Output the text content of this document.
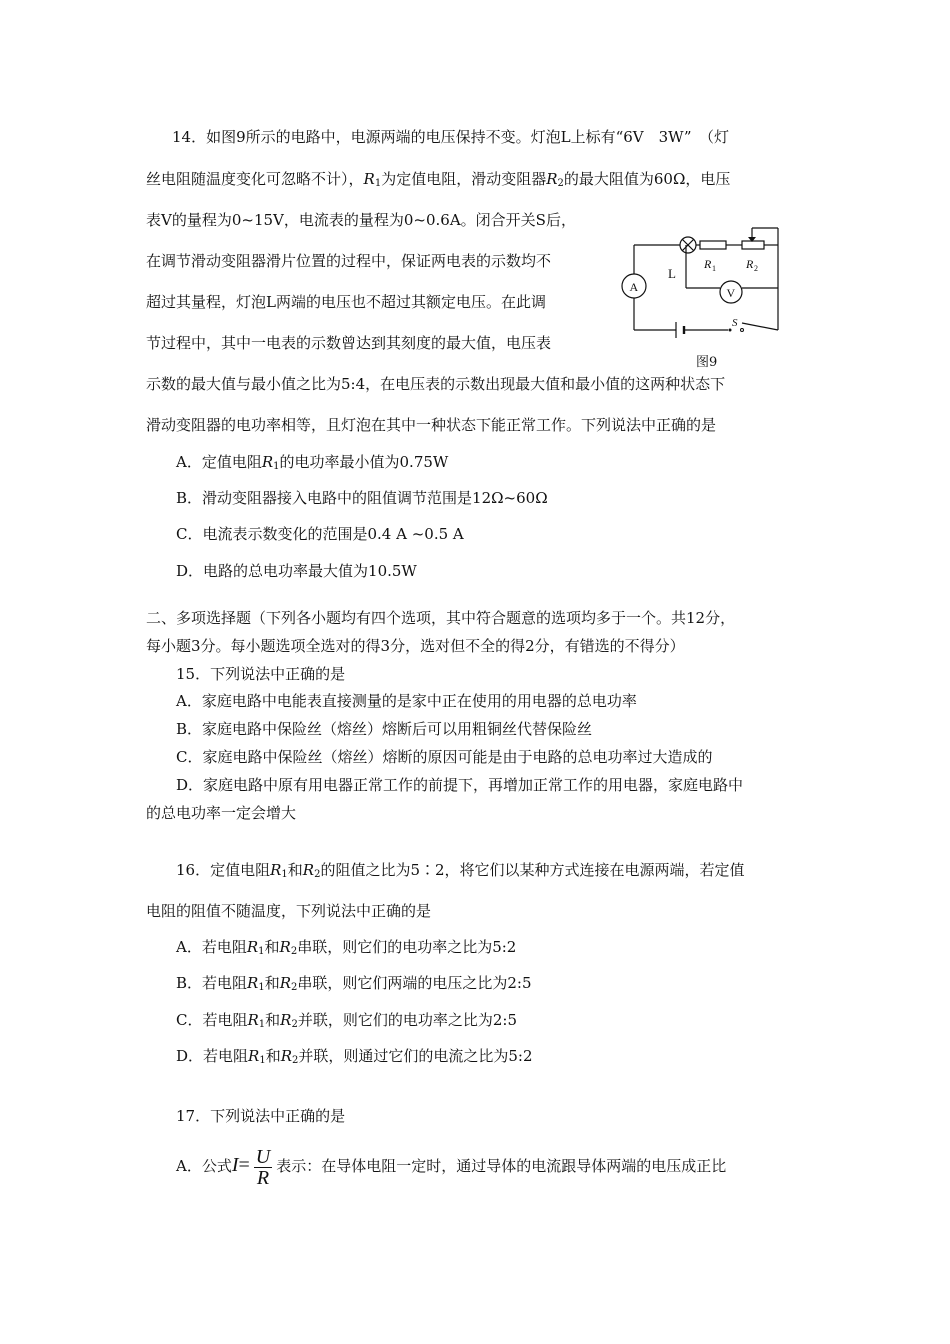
14．如图9所示的电路中，电源两端的电压保持不变。灯泡L上标有“6V　3W”　（灯
丝电阻随温度变化可忽略不计），$R_1$为定值电阻，滑动变阻器$R_2$的最大阻值为60Ω，电压
表V的量程为0~15V，电流表的量程为0~0.6A。闭合开关S后，
在调节滑动变阻器滑片位置的过程中，保证两电表的示数均不
超过其量程，灯泡L两端的电压也不超过其额定电压。在此调
节过程中，其中一电表的示数曾达到其刻度的最大值，电压表
示数的最大值与最小值之比为5:4，在电压表的示数出现最大值和最小值的这两种状态下
滑动变阻器的电功率相等，且灯泡在其中一种状态下能正常工作。下列说法中正确的是
A．定值电阻$R_1$的电功率最小值为0.75W
B．滑动变阻器接入电路中的阻值调节范围是12Ω~60Ω
C．电流表示数变化的范围是0.4 A ~0.5 A
D．电路的总电功率最大值为10.5W
L
A	V
R 1	R 2
S
图9
二、多项选择题（下列各小题均有四个选项，其中符合题意的选项均多于一个。共12分，
每小题3分。每小题选项全选对的得3分，选对但不全的得2分，有错选的不得分）
15．下列说法中正确的是
A．家庭电路中电能表直接测量的是家中正在使用的用电器的总电功率
B．家庭电路中保险丝（熔丝）熔断后可以用粗铜丝代替保险丝
C．家庭电路中保险丝（熔丝）熔断的原因可能是由于电路的总电功率过大造成的
D．家庭电路中原有用电器正常工作的前提下，再增加正常工作的用电器，家庭电路中
的总电功率一定会增大
16．定值电阻$R_1$和$R_2$的阻值之比为5∶2，将它们以某种方式连接在电源两端，若定值
电阻的阻值不随温度，下列说法中正确的是
A．若电阻$R_1$和$R_2$串联，则它们的电功率之比为5:2
B．若电阻$R_1$和$R_2$串联，则它们两端的电压之比为2:5
C．若电阻$R_1$和$R_2$并联，则它们的电功率之比为2:5
D．若电阻$R_1$和$R_2$并联，则通过它们的电流之比为5:2
17．下列说法中正确的是
A．公式$I= \frac{U}{R}$ 表示：在导体电阻一定时，通过导体的电流跟导体两端的电压成正比
